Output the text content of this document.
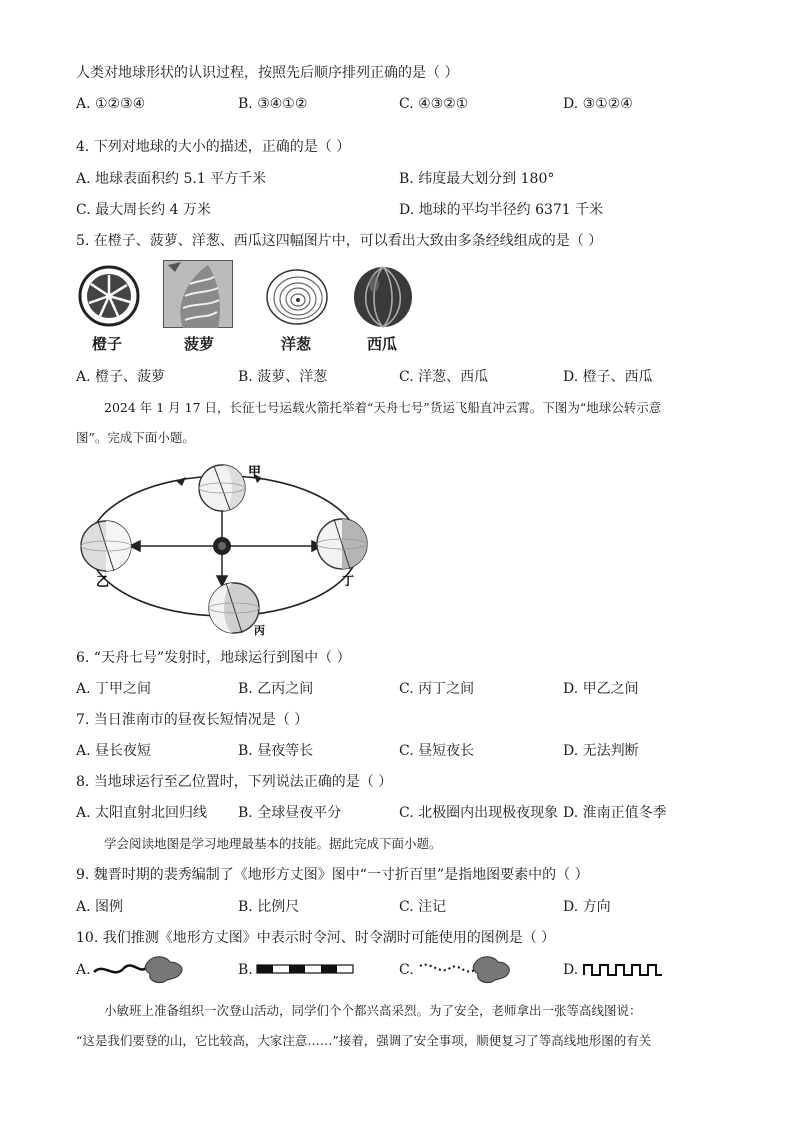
人类对地球形状的认识过程，按照先后顺序排列正确的是（ ）
A. ①②③④	B. ③④①②	C. ④③②①	D. ③①②④
4. 下列对地球的大小的描述，正确的是（ ）
A. 地球表面积约 5.1 平方千米	B. 纬度最大划分到 180°
C. 最大周长约 4 万米	D. 地球的平均半径约 6371 千米
5. 在橙子、菠萝、洋葱、西瓜这四幅图片中，可以看出大致由多条经线组成的是（ ）
橙子	菠萝	洋葱	西瓜
A. 橙子、菠萝	B. 菠萝、洋葱	C. 洋葱、西瓜	D. 橙子、西瓜
2024 年 1 月 17 日，长征七号运载火箭托举着“天舟七号”货运飞船直冲云霄。下图为“地球公转示意
图”。完成下面小题。
甲
乙
丙
丁
6. “天舟七号”发射时，地球运行到图中（ ）
A. 丁甲之间	B. 乙丙之间	C. 丙丁之间	D. 甲乙之间
7. 当日淮南市的昼夜长短情况是（ ）
A. 昼长夜短	B. 昼夜等长	C. 昼短夜长	D. 无法判断
8. 当地球运行至乙位置时，下列说法正确的是（ ）
A. 太阳直射北回归线 B. 全球昼夜平分	C. 北极圈内出现极夜现象 D. 淮南正值冬季
学会阅读地图是学习地理最基本的技能。据此完成下面小题。
9. 魏晋时期的裴秀编制了《地形方丈图》图中“一寸折百里”是指地图要素中的（ ）
A. 图例	B. 比例尺	C. 注记	D. 方向
10. 我们推测《地形方丈图》中表示时令河、时令湖时可能使用的图例是（ ）
A.	B.	C.	D.
小敏班上准备组织一次登山活动，同学们个个都兴高采烈。为了安全，老师拿出一张等高线图说：
“这是我们要登的山，它比较高，大家注意……”接着，强调了安全事项，顺便复习了等高线地形图的有关
